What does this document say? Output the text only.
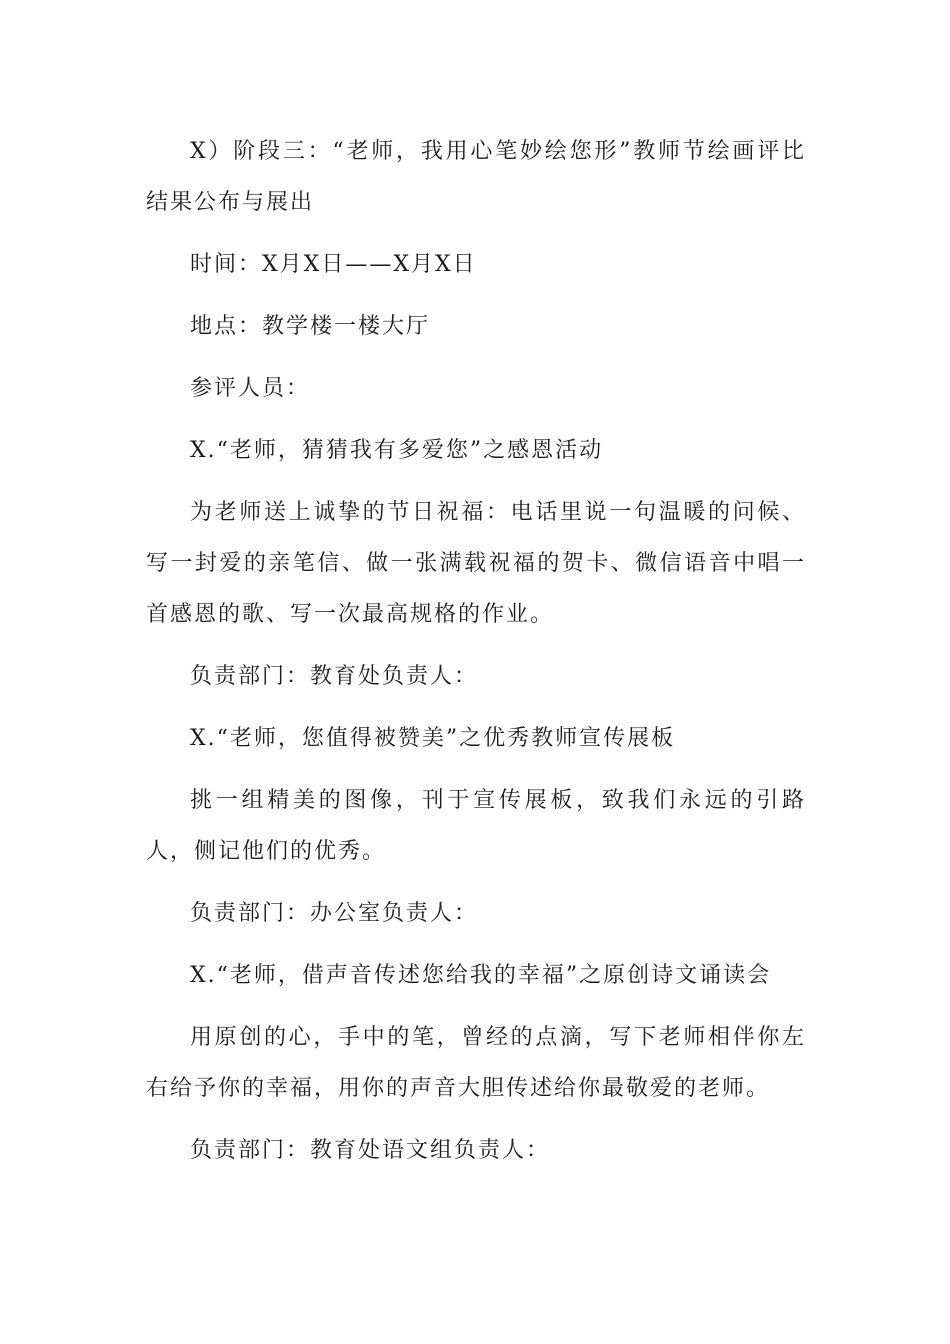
X）阶段三：“老师，我用心笔妙绘您形”教师节绘画评比结果公布与展出

时间：X月X日——X月X日

地点：教学楼一楼大厅

参评人员：

X.“老师，猜猜我有多爱您”之感恩活动

为老师送上诚挚的节日祝福：电话里说一句温暖的问候、写一封爱的亲笔信、做一张满载祝福的贺卡、微信语音中唱一首感恩的歌、写一次最高规格的作业。

负责部门：教育处负责人：

X.“老师，您值得被赞美”之优秀教师宣传展板

挑一组精美的图像，刊于宣传展板，致我们永远的引路人，侧记他们的优秀。

负责部门：办公室负责人：

X.“老师，借声音传述您给我的幸福”之原创诗文诵读会

用原创的心，手中的笔，曾经的点滴，写下老师相伴你左右给予你的幸福，用你的声音大胆传述给你最敬爱的老师。

负责部门：教育处语文组负责人：
